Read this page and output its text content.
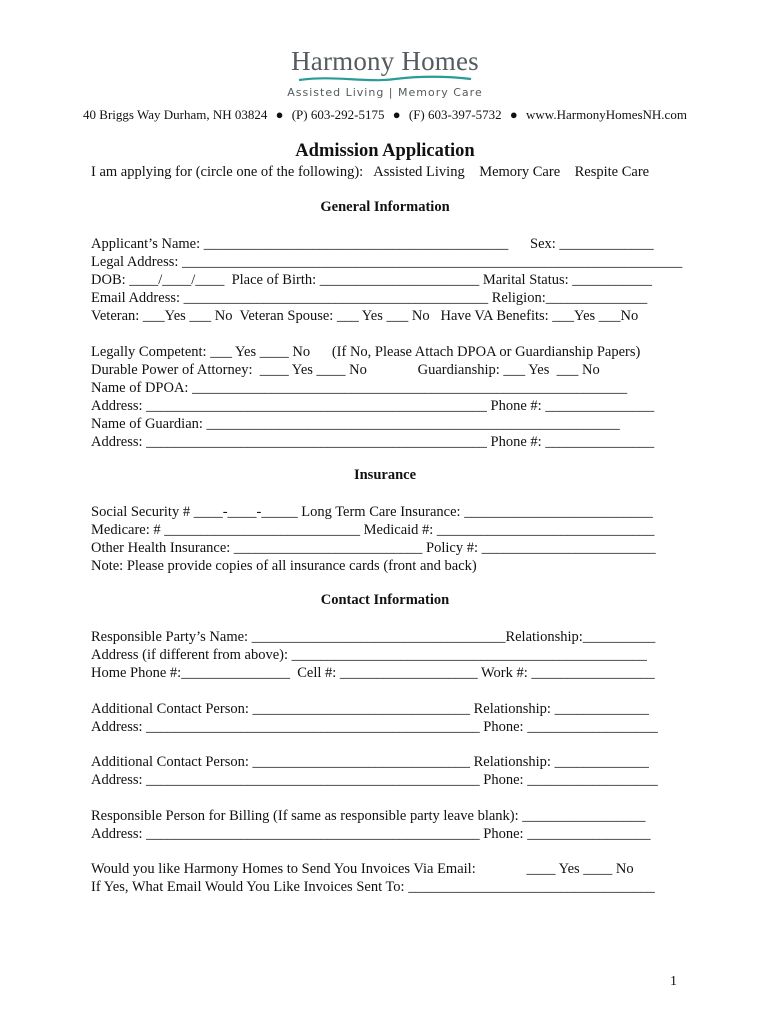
Harmony Homes
Assisted Living | Memory Care
40 Briggs Way Durham, NH 03824 ● (P) 603-292-5175 ● (F) 603-397-5732 ● www.HarmonyHomesNH.com
Admission Application
I am applying for (circle one of the following):   Assisted Living    Memory Care    Respite Care
General Information
Applicant’s Name: __________________________________________      Sex: _____________
Legal Address: _____________________________________________________________________
DOB: ____/____/____  Place of Birth: ______________________ Marital Status: ___________
Email Address: __________________________________________ Religion:______________
Veteran: ___Yes ___ No  Veteran Spouse: ___ Yes ___ No   Have VA Benefits: ___Yes ___No
Legally Competent: ___ Yes ____ No      (If No, Please Attach DPOA or Guardianship Papers)
Durable Power of Attorney:  ____ Yes ____ No              Guardianship: ___ Yes  ___ No
Name of DPOA: ____________________________________________________________
Address: _______________________________________________ Phone #: _______________
Name of Guardian: _________________________________________________________
Address: _______________________________________________ Phone #: _______________
Insurance
Social Security # ____-____-_____ Long Term Care Insurance: __________________________
Medicare: # ___________________________ Medicaid #: ______________________________
Other Health Insurance: __________________________ Policy #: ________________________
Note: Please provide copies of all insurance cards (front and back)
Contact Information
Responsible Party’s Name: ___________________________________Relationship:__________
Address (if different from above): _________________________________________________
Home Phone #:_______________  Cell #: ___________________ Work #: _________________
Additional Contact Person: ______________________________ Relationship: _____________
Address: ______________________________________________ Phone: __________________
Additional Contact Person: ______________________________ Relationship: _____________
Address: ______________________________________________ Phone: __________________
Responsible Person for Billing (If same as responsible party leave blank): _________________
Address: ______________________________________________ Phone: _________________
Would you like Harmony Homes to Send You Invoices Via Email:              ____ Yes ____ No
If Yes, What Email Would You Like Invoices Sent To: __________________________________
1
